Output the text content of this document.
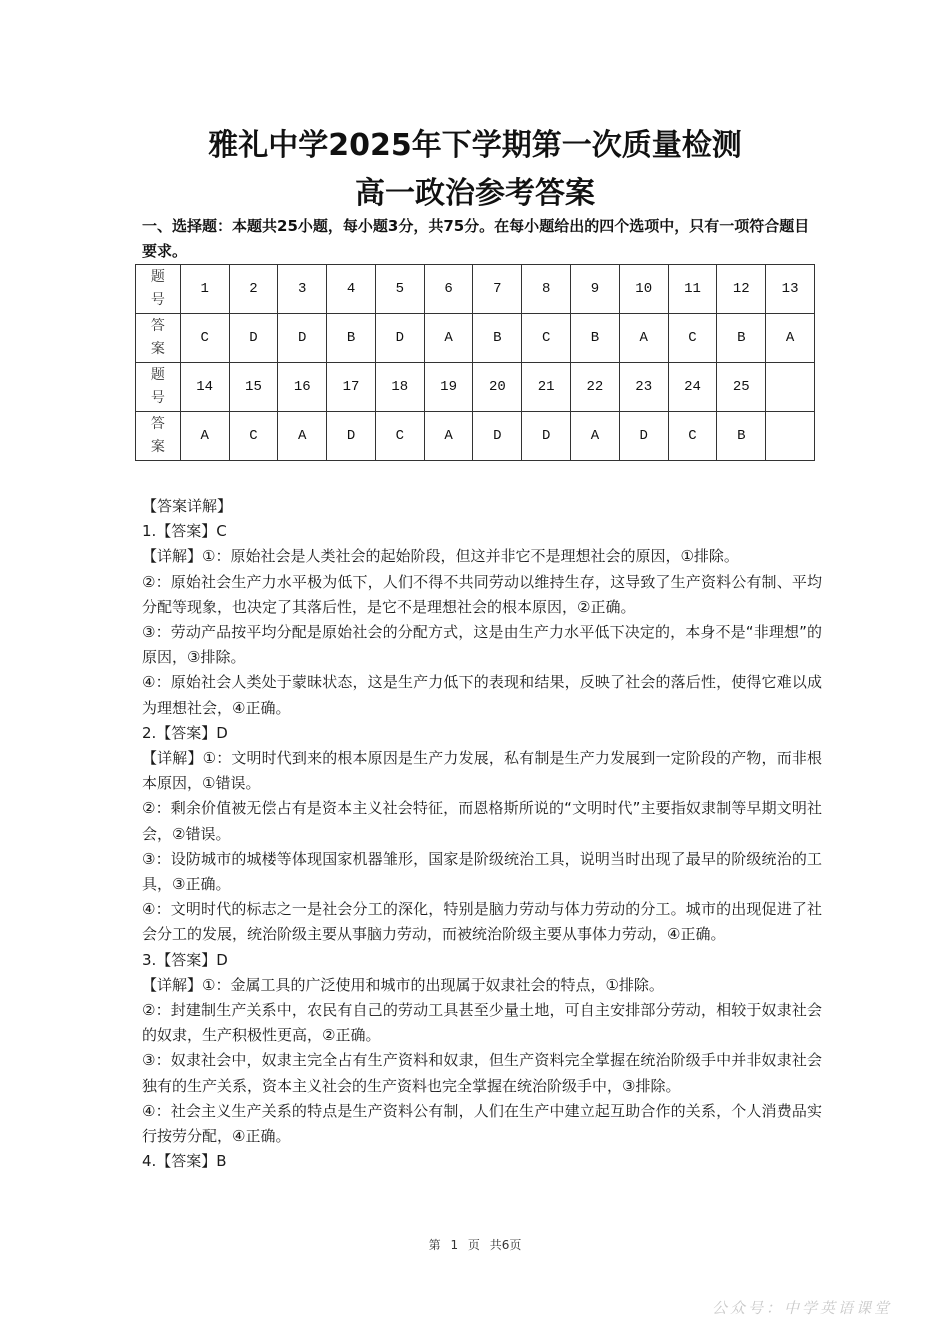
雅礼中学2025年下学期第一次质量检测
高一政治参考答案
一、选择题：本题共25小题，每小题3分，共75分。在每小题给出的四个选项中，只有一项符合题目要求。
题
号	1	2	3	4	5	6	7	8	9	10	11	12	13
答
案	C	D	D	B	D	A	B	C	B	A	C	B	A
题
号	14	15	16	17	18	19	20	21	22	23	24	25	
答
案	A	C	A	D	C	A	D	D	A	D	C	B	

【答案详解】

1.【答案】C

【详解】①：原始社会是人类社会的起始阶段，但这并非它不是理想社会的原因，①排除。

②：原始社会生产力水平极为低下，人们不得不共同劳动以维持生存，这导致了生产资料公有制、平均分配等现象，也决定了其落后性，是它不是理想社会的根本原因，②正确。

③：劳动产品按平均分配是原始社会的分配方式，这是由生产力水平低下决定的，本身不是“非理想”的原因，③排除。

④：原始社会人类处于蒙昧状态，这是生产力低下的表现和结果，反映了社会的落后性，使得它难以成为理想社会，④正确。

2.【答案】D

【详解】①：文明时代到来的根本原因是生产力发展，私有制是生产力发展到一定阶段的产物，而非根本原因，①错误。

②：剩余价值被无偿占有是资本主义社会特征，而恩格斯所说的“文明时代”主要指奴隶制等早期文明社会，②错误。

③：设防城市的城楼等体现国家机器雏形，国家是阶级统治工具，说明当时出现了最早的阶级统治的工具，③正确。

④：文明时代的标志之一是社会分工的深化，特别是脑力劳动与体力劳动的分工。城市的出现促进了社会分工的发展，统治阶级主要从事脑力劳动，而被统治阶级主要从事体力劳动，④正确。

3.【答案】D

【详解】①：金属工具的广泛使用和城市的出现属于奴隶社会的特点，①排除。

②：封建制生产关系中，农民有自己的劳动工具甚至少量土地，可自主安排部分劳动，相较于奴隶社会的奴隶，生产积极性更高，②正确。

③：奴隶社会中，奴隶主完全占有生产资料和奴隶，但生产资料完全掌握在统治阶级手中并非奴隶社会独有的生产关系，资本主义社会的生产资料也完全掌握在统治阶级手中，③排除。

④：社会主义生产关系的特点是生产资料公有制，人们在生产中建立起互助合作的关系，个人消费品实行按劳分配，④正确。

4.【答案】B

第 1 页 共6页
公众号：中学英语课堂
